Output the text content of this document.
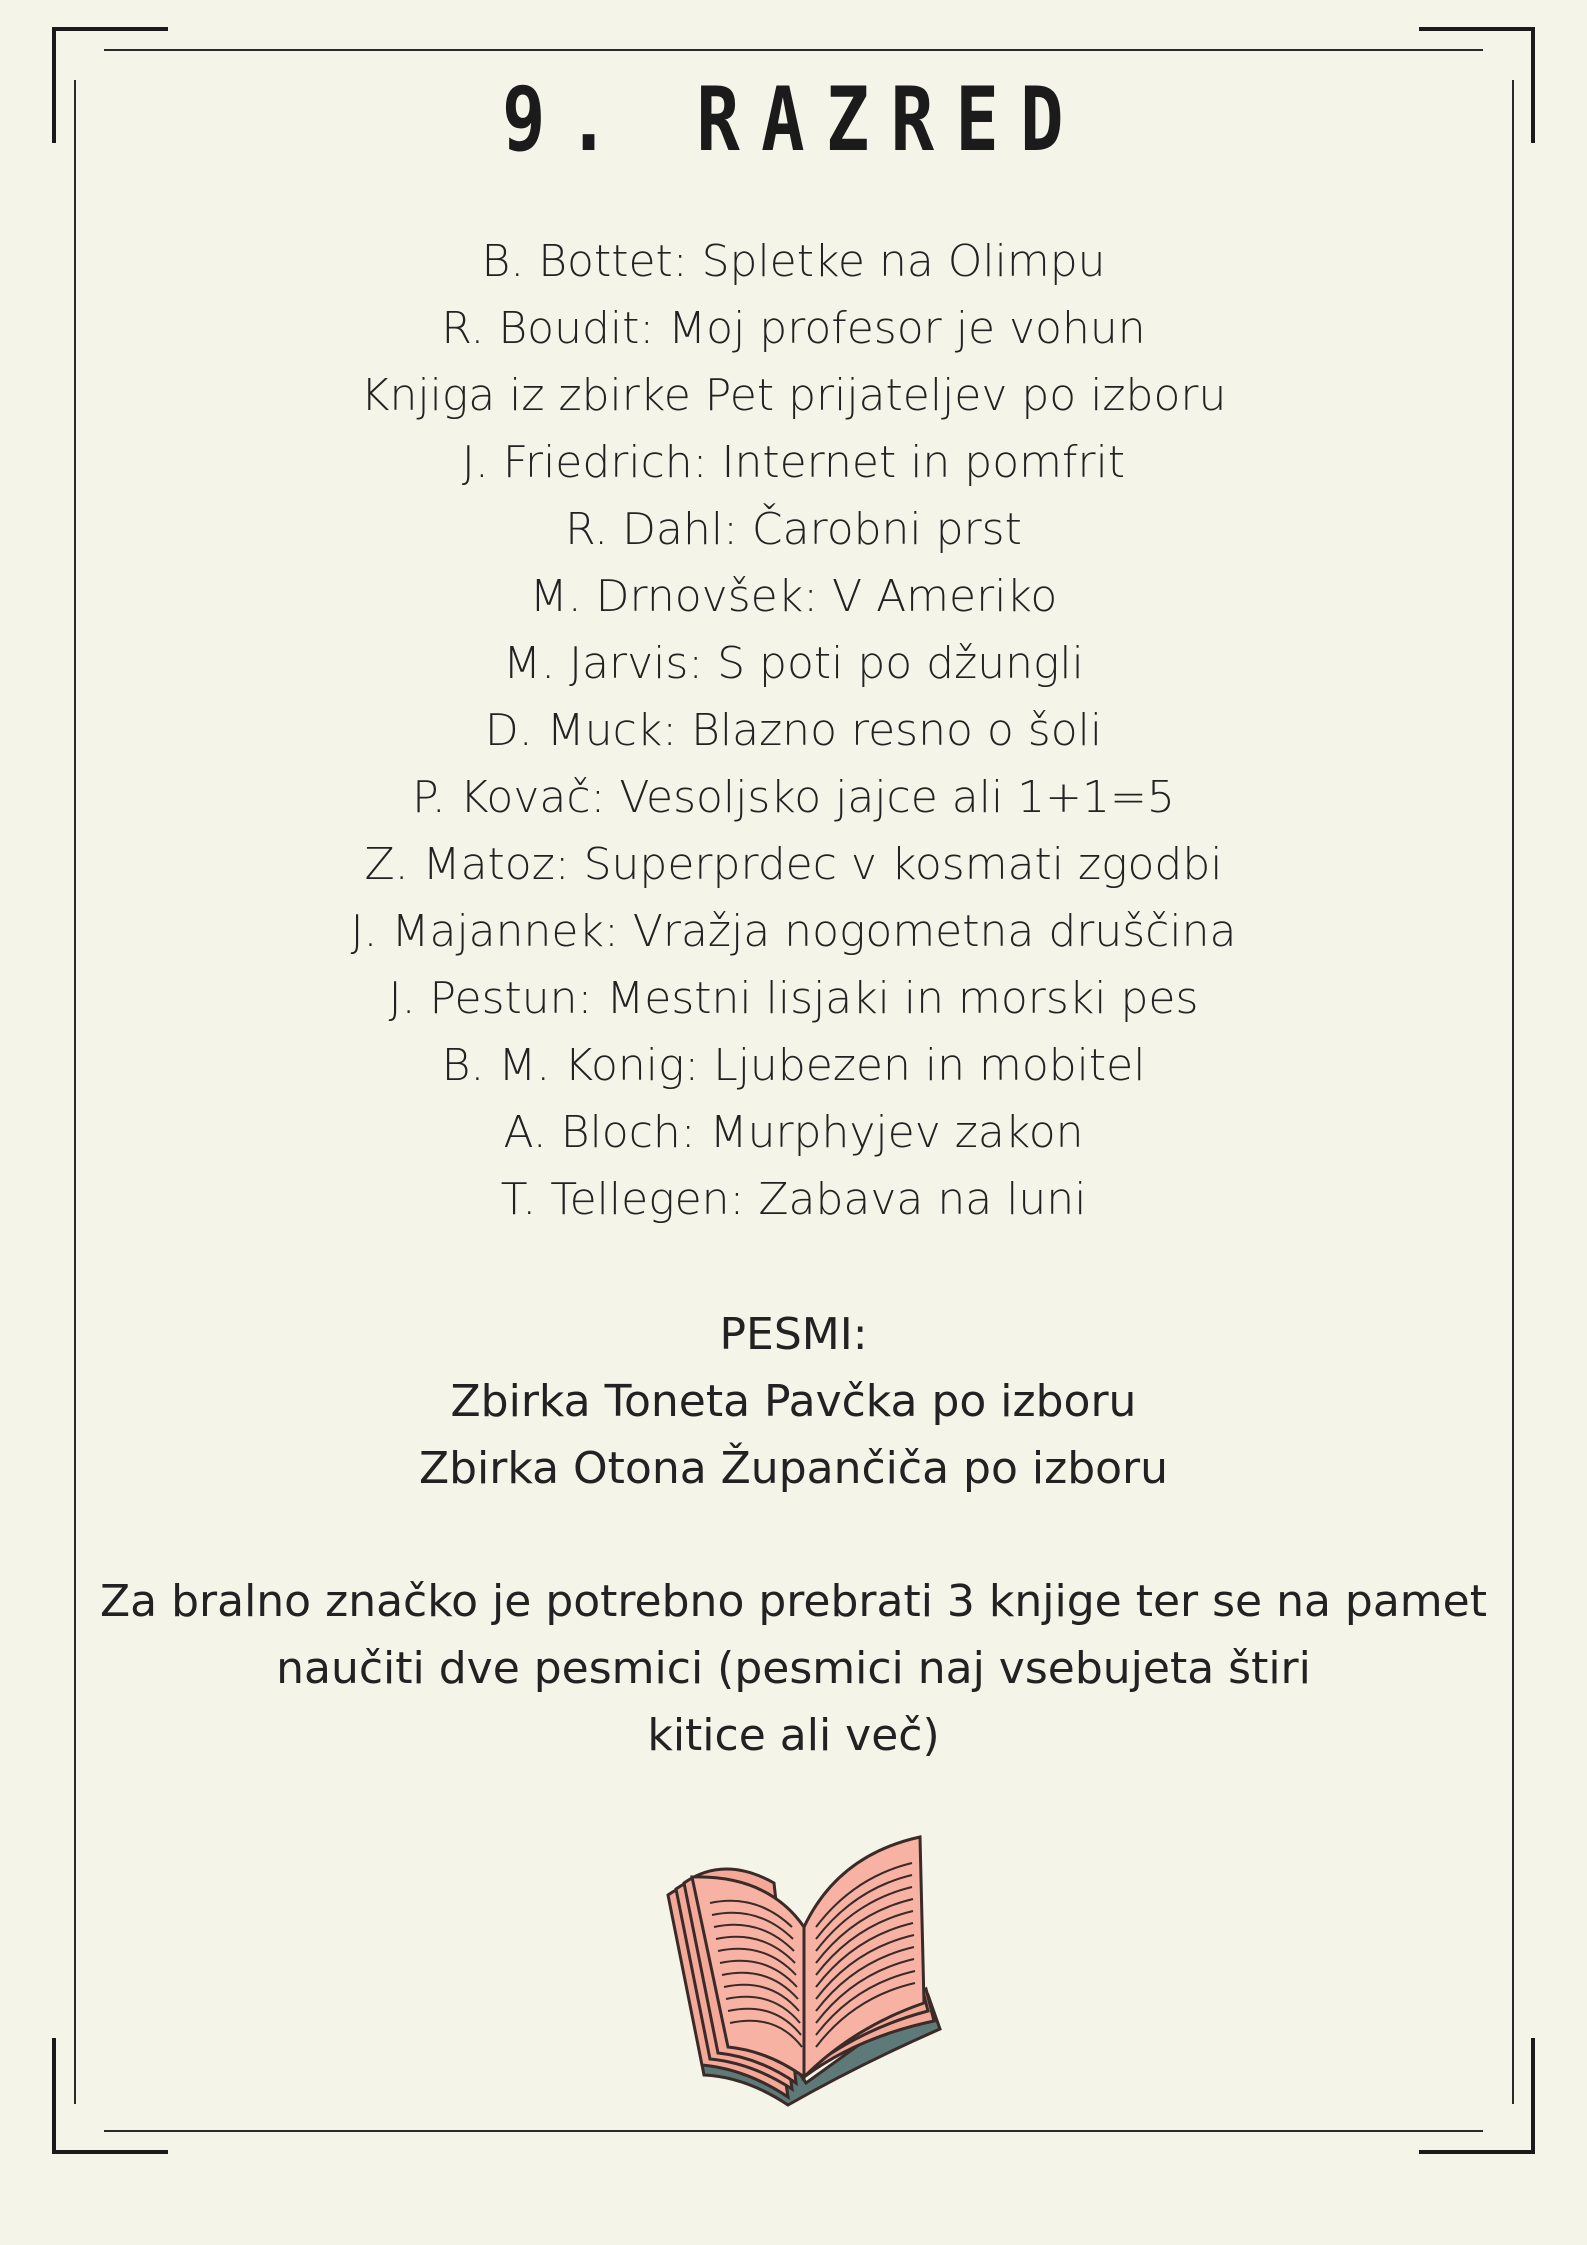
9. RAZRED
B. Bottet: Spletke na Olimpu
R. Boudit: Moj profesor je vohun
Knjiga iz zbirke Pet prijateljev po izboru
J. Friedrich: Internet in pomfrit
R. Dahl: Čarobni prst
M. Drnovšek: V Ameriko
M. Jarvis: S poti po džungli
D. Muck: Blazno resno o šoli
P. Kovač: Vesoljsko jajce ali 1+1=5
Z. Matoz: Superprdec v kosmati zgodbi
J. Majannek: Vražja nogometna druščina
J. Pestun: Mestni lisjaki in morski pes
B. M. Konig: Ljubezen in mobitel
A. Bloch: Murphyjev zakon
T. Tellegen: Zabava na luni
PESMI:
Zbirka Toneta Pavčka po izboru
Zbirka Otona Župančiča po izboru
Za bralno značko je potrebno prebrati 3 knjige ter se na pamet
naučiti dve pesmici (pesmici naj vsebujeta štiri
kitice ali več)
